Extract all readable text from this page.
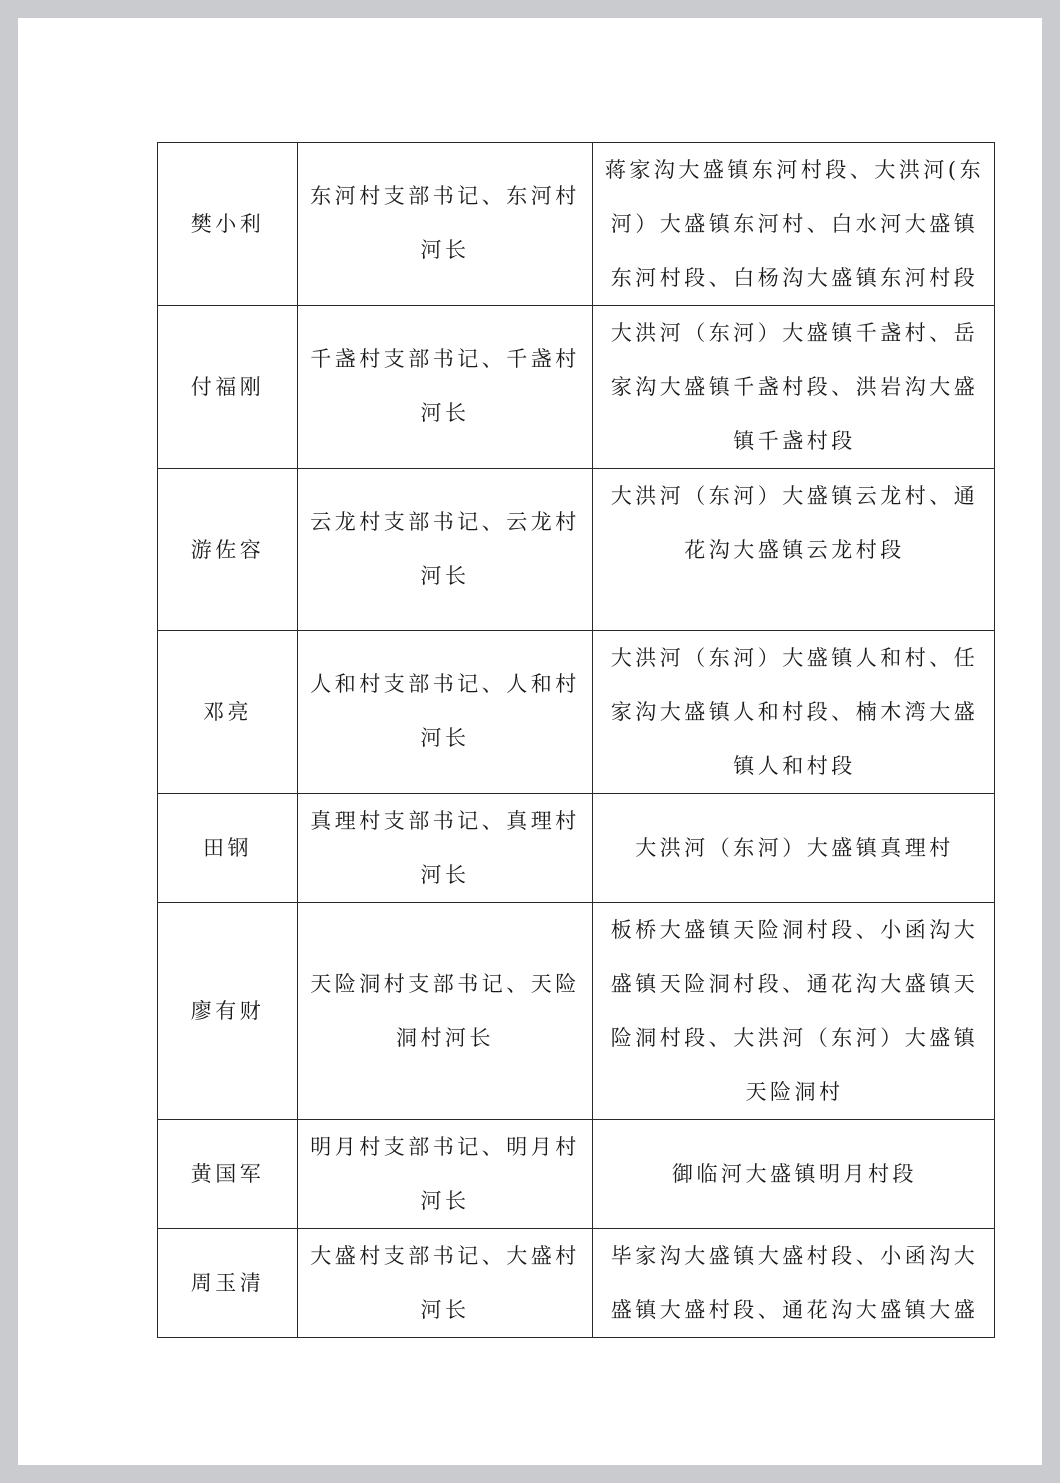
樊小利	东河村支部书记、东河村河长	蒋家沟大盛镇东河村段、大洪河(东河）大盛镇东河村、白水河大盛镇东河村段、白杨沟大盛镇东河村段
付福刚	千盏村支部书记、千盏村河长	大洪河（东河）大盛镇千盏村、岳家沟大盛镇千盏村段、洪岩沟大盛镇千盏村段
游佐容	云龙村支部书记、云龙村河长	大洪河（东河）大盛镇云龙村、通花沟大盛镇云龙村段
邓亮	人和村支部书记、人和村河长	大洪河（东河）大盛镇人和村、任家沟大盛镇人和村段、楠木湾大盛镇人和村段
田钢	真理村支部书记、真理村河长	大洪河（东河）大盛镇真理村
廖有财	天险洞村支部书记、天险洞村河长	板桥大盛镇天险洞村段、小函沟大盛镇天险洞村段、通花沟大盛镇天险洞村段、大洪河（东河）大盛镇天险洞村
黄国军	明月村支部书记、明月村河长	御临河大盛镇明月村段
周玉清	大盛村支部书记、大盛村河长	毕家沟大盛镇大盛村段、小函沟大盛镇大盛村段、通花沟大盛镇大盛
